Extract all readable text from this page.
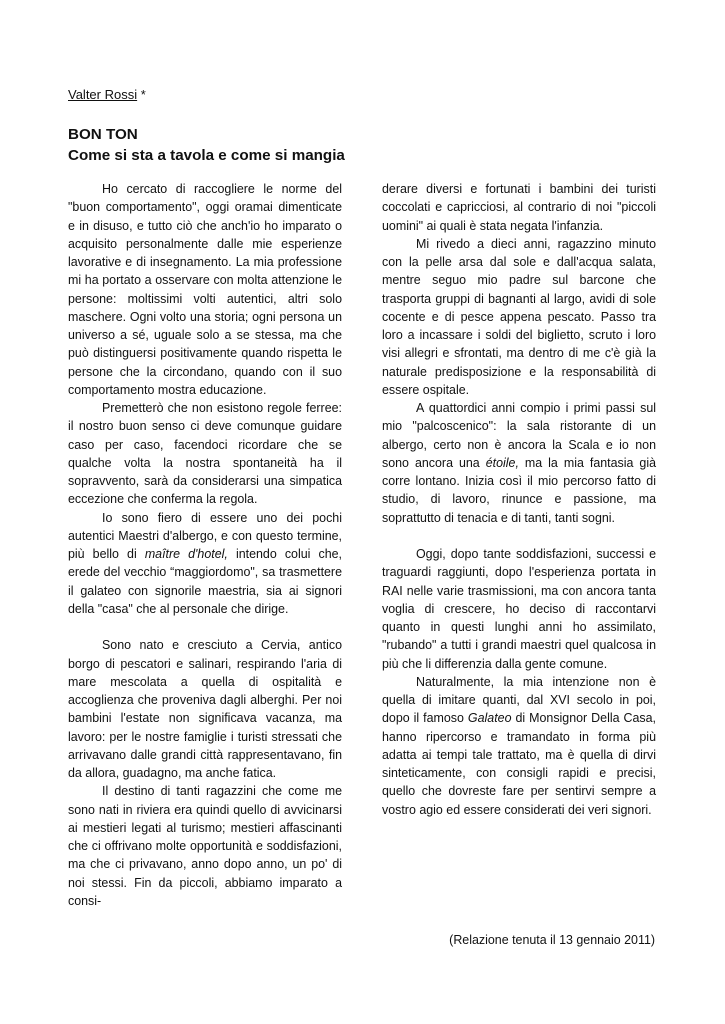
Valter Rossi *
BON TON
Come si sta a tavola e come si mangia

Ho cercato di raccogliere le norme del "buon comportamento", oggi oramai dimenticate e in disuso, e tutto ciò che anch'io ho imparato o acquisito personalmente dalle mie esperienze lavorative e di insegnamento. La mia professione mi ha portato a osservare con molta attenzione le persone: moltissimi volti autentici, altri solo maschere. Ogni volto una storia; ogni persona un universo a sé, uguale solo a se stessa, ma che può distinguersi positivamente quando rispetta le persone che la circondano, quando con il suo comportamento mostra educazione.

Premetterò che non esistono regole ferree: il nostro buon senso ci deve comunque guidare caso per caso, facendoci ricordare che se qualche volta la nostra spontaneità ha il sopravvento, sarà da considerarsi una simpatica eccezione che conferma la regola.

Io sono fiero di essere uno dei pochi autentici Maestri d'albergo, e con questo termine, più bello di maître d'hotel, intendo colui che, erede del vecchio “maggiordomo", sa trasmettere il galateo con signorile maestria, sia ai signori della "casa" che al personale che dirige.

Sono nato e cresciuto a Cervia, antico borgo di pescatori e salinari, respirando l'aria di mare mescolata a quella di ospitalità e accoglienza che proveniva dagli alberghi. Per noi bambini l'estate non significava vacanza, ma lavoro: per le nostre famiglie i turisti stressati che arrivavano dalle grandi città rappresentavano, fin da allora, guadagno, ma anche fatica.

Il destino di tanti ragazzini che come me sono nati in riviera era quindi quello di avvicinarsi ai mestieri legati al turismo; mestieri affascinanti che ci offrivano molte opportunità e soddisfazioni, ma che ci privavano, anno dopo anno, un po' di noi stessi. Fin da piccoli, abbiamo imparato a consi-

derare diversi e fortunati i bambini dei turisti coccolati e capricciosi, al contrario di noi "piccoli uomini" ai quali è stata negata l'infanzia.

Mi rivedo a dieci anni, ragazzino minuto con la pelle arsa dal sole e dall'acqua salata, mentre seguo mio padre sul barcone che trasporta gruppi di bagnanti al largo, avidi di sole cocente e di pesce appena pescato. Passo tra loro a incassare i soldi del biglietto, scruto i loro visi allegri e sfrontati, ma dentro di me c'è già la naturale predisposizione e la responsabilità di essere ospitale.

A quattordici anni compio i primi passi sul mio "palcoscenico": la sala ristorante di un albergo, certo non è ancora la Scala e io non sono ancora una étoile, ma la mia fantasia già corre lontano. Inizia così il mio percorso fatto di studio, di lavoro, rinunce e passione, ma soprattutto di tenacia e di tanti, tanti sogni.

Oggi, dopo tante soddisfazioni, successi e traguardi raggiunti, dopo l'esperienza portata in RAI nelle varie trasmissioni, ma con ancora tanta voglia di crescere, ho deciso di raccontarvi quanto in questi lunghi anni ho assimilato, "rubando" a tutti i grandi maestri quel qualcosa in più che li differenzia dalla gente comune.

Naturalmente, la mia intenzione non è quella di imitare quanti, dal XVI secolo in poi, dopo il famoso Galateo di Monsignor Della Casa, hanno ripercorso e tramandato in forma più adatta ai tempi tale trattato, ma è quella di dirvi sinteticamente, con consigli rapidi e precisi, quello che dovreste fare per sentirvi sempre a vostro agio ed essere considerati dei veri signori.

(Relazione tenuta il 13 gennaio 2011)
